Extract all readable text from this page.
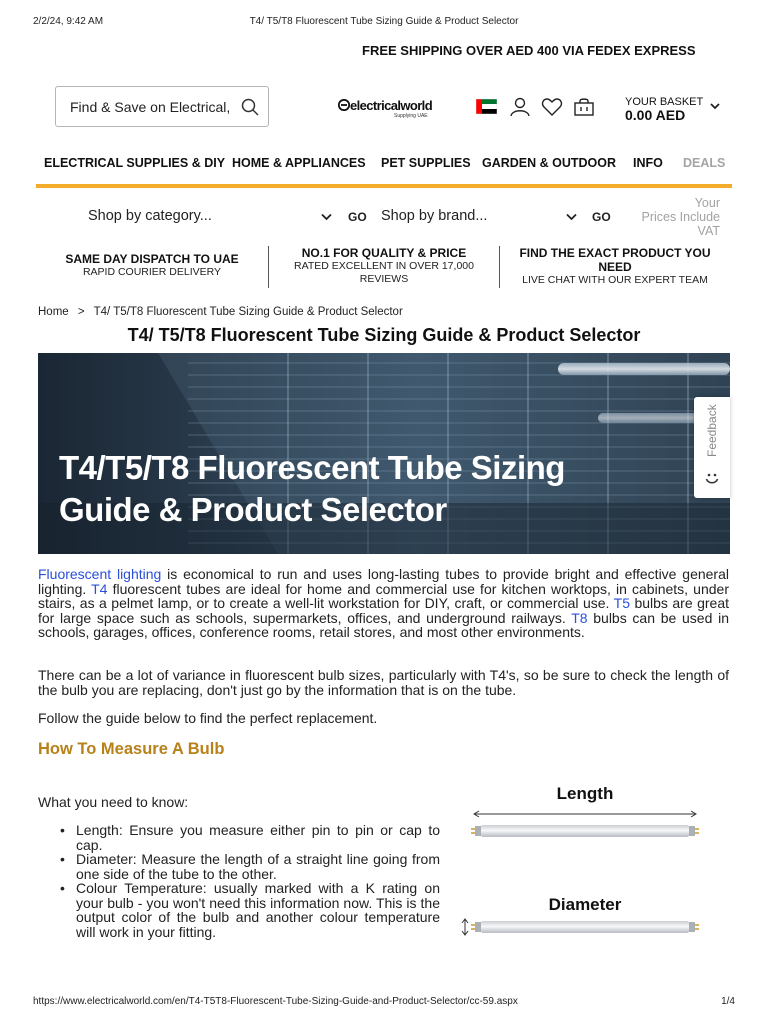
2/2/24, 9:42 AM	T4/ T5/T8 Fluorescent Tube Sizing Guide & Product Selector
FREE SHIPPING OVER AED 400 VIA FEDEX EXPRESS
Find & Save on Electrical,
electricalworld
Supplying UAE
YOUR BASKET
0.00 AED
ELECTRICAL SUPPLIES & DIY HOME & APPLIANCES PET SUPPLIES GARDEN & OUTDOOR INFO DEALS
Shop by category...	GO Shop by brand...	GO
Your
Prices Include
VAT
SAME DAY DISPATCH TO UAE
RAPID COURIER DELIVERY
NO.1 FOR QUALITY & PRICE
RATED EXCELLENT IN OVER 17,000 REVIEWS
FIND THE EXACT PRODUCT YOU NEED
LIVE CHAT WITH OUR EXPERT TEAM
Home > T4/ T5/T8 Fluorescent Tube Sizing Guide & Product Selector
T4/ T5/T8 Fluorescent Tube Sizing Guide & Product Selector
T4/T5/T8 Fluorescent Tube Sizing
Guide & Product Selector
Feedback
Fluorescent lighting is economical to run and uses long-lasting tubes to provide bright and effective general lighting. T4 fluorescent tubes are ideal for home and commercial use for kitchen worktops, in cabinets, under stairs, as a pelmet lamp, or to create a well-lit workstation for DIY, craft, or commercial use. T5 bulbs are great for large space such as schools, supermarkets, offices, and underground railways. T8 bulbs can be used in schools, garages, offices, conference rooms, retail stores, and most other environments.
There can be a lot of variance in fluorescent bulb sizes, particularly with T4's, so be sure to check the length of the bulb you are replacing, don't just go by the information that is on the tube.
Follow the guide below to find the perfect replacement.
How To Measure A Bulb
What you need to know:
• Length: Ensure you measure either pin to pin or cap to cap.
• Diameter: Measure the length of a straight line going from one side of the tube to the other.
• Colour Temperature: usually marked with a K rating on your bulb - you won't need this information now. This is the output color of the bulb and another colour temperature will work in your fitting.
Length
Diameter
https://www.electricalworld.com/en/T4-T5T8-Fluorescent-Tube-Sizing-Guide-and-Product-Selector/cc-59.aspx	1/4
